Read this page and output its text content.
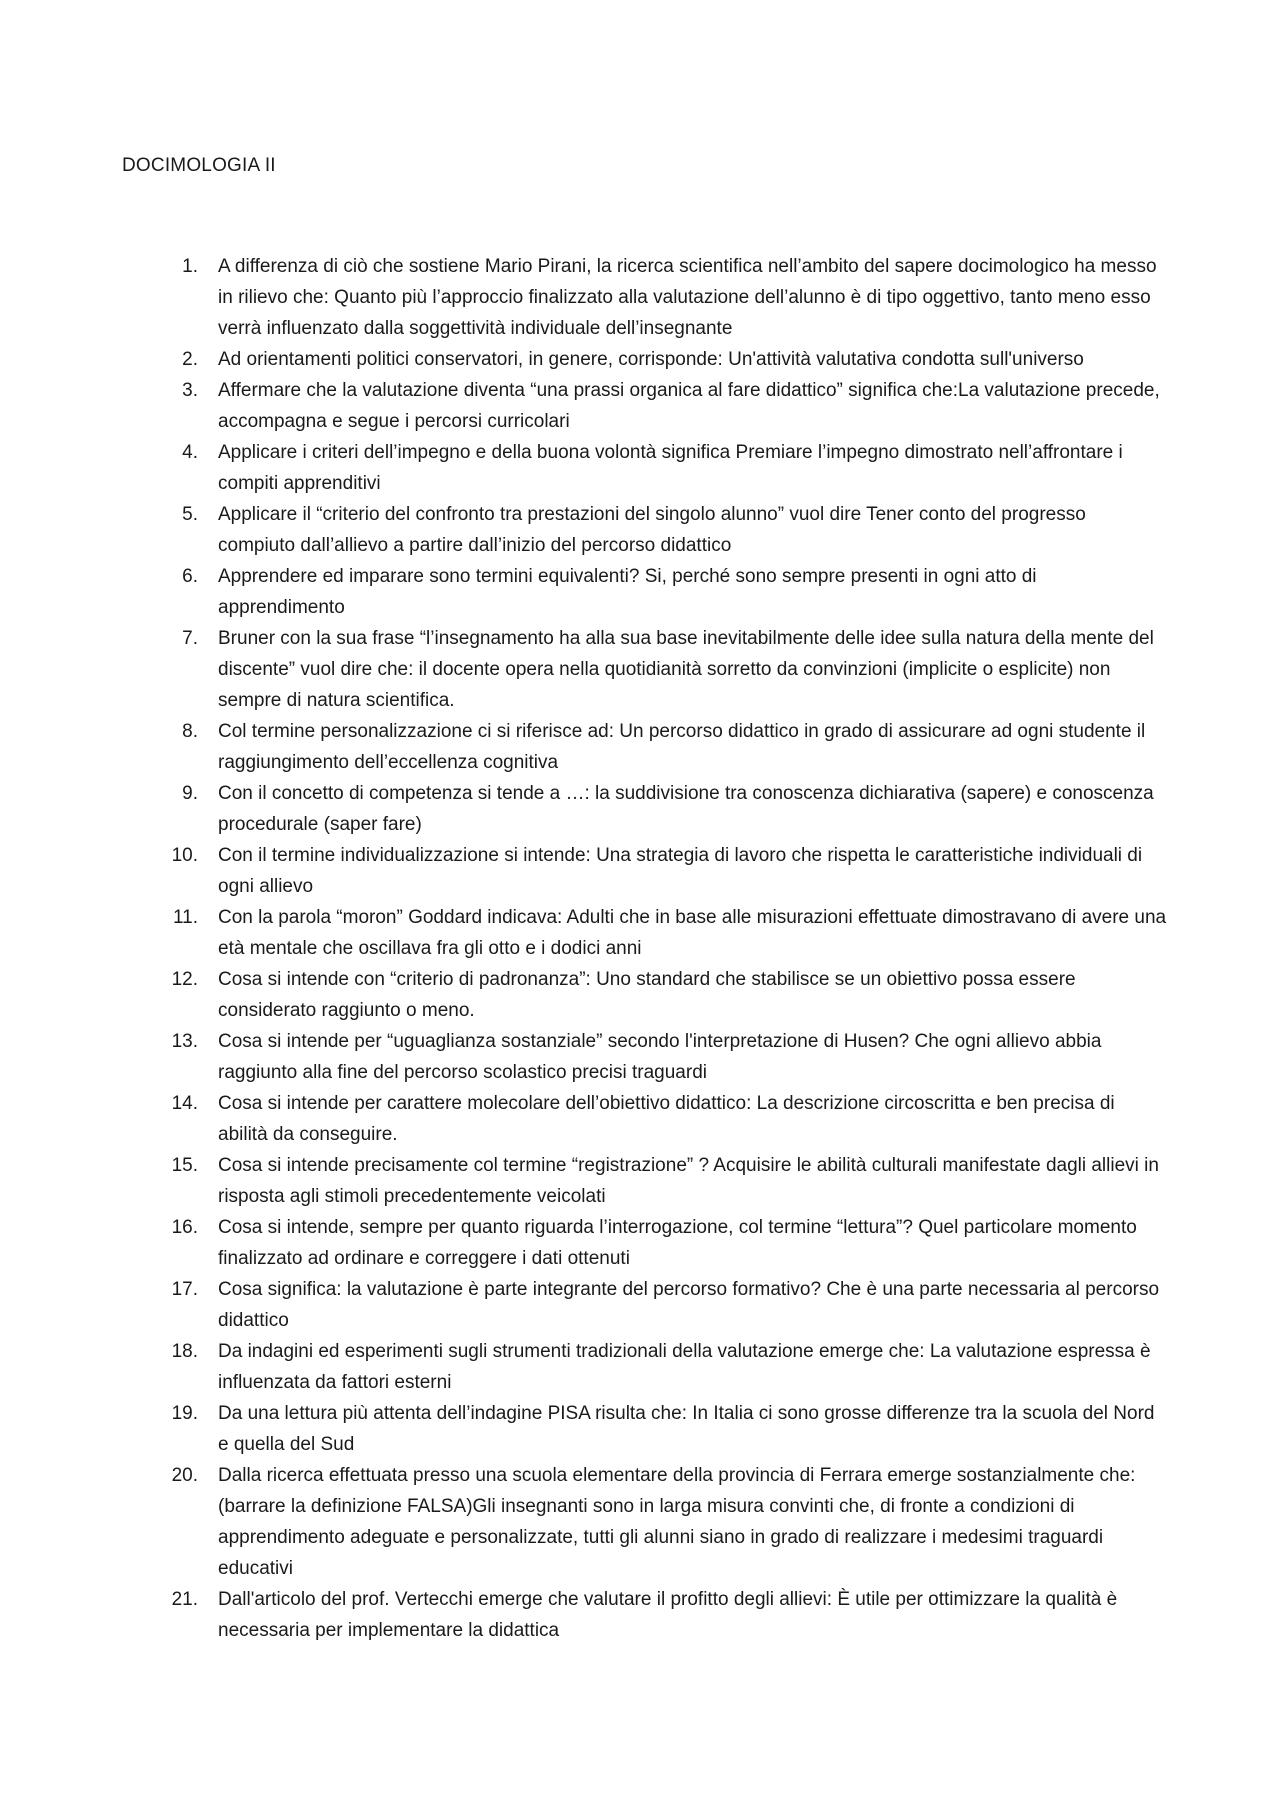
DOCIMOLOGIA II
1.	A differenza di ciò che sostiene Mario Pirani, la ricerca scientifica nell’ambito del sapere docimologico ha messo in rilievo che: Quanto più l’approccio finalizzato alla valutazione dell’alunno è di tipo oggettivo, tanto meno esso verrà influenzato dalla soggettività individuale dell’insegnante
2.	Ad orientamenti politici conservatori, in genere, corrisponde: Un'attività valutativa condotta sull'universo
3.	Affermare che la valutazione diventa “una prassi organica al fare didattico” significa che:La valutazione precede, accompagna e segue i percorsi curricolari
4.	Applicare i criteri dell’impegno e della buona volontà significa Premiare l’impegno dimostrato nell’affrontare i compiti apprenditivi
5.	Applicare il “criterio del confronto tra prestazioni del singolo alunno” vuol dire Tener conto del progresso compiuto dall’allievo a partire dall’inizio del percorso didattico
6.	Apprendere ed imparare sono termini equivalenti? Si, perché sono sempre presenti in ogni atto di apprendimento
7.	Bruner con la sua frase “l’insegnamento ha alla sua base inevitabilmente delle idee sulla natura della mente del discente” vuol dire che: il docente opera nella quotidianità sorretto da convinzioni (implicite o esplicite) non sempre di natura scientifica.
8.	Col termine personalizzazione ci si riferisce ad: Un percorso didattico in grado di assicurare ad ogni studente il raggiungimento dell’eccellenza cognitiva
9.	Con il concetto di competenza si tende a …: la suddivisione tra conoscenza dichiarativa (sapere) e conoscenza procedurale (saper fare)
10.	Con il termine individualizzazione si intende: Una strategia di lavoro che rispetta le caratteristiche individuali di ogni allievo
11.	Con la parola “moron” Goddard indicava: Adulti che in base alle misurazioni effettuate dimostravano di avere una età mentale che oscillava fra gli otto e i dodici anni
12.	Cosa si intende con “criterio di padronanza”: Uno standard che stabilisce se un obiettivo possa essere considerato raggiunto o meno.
13.	Cosa si intende per “uguaglianza sostanziale” secondo l'interpretazione di Husen? Che ogni allievo abbia raggiunto alla fine del percorso scolastico precisi traguardi
14.	Cosa si intende per carattere molecolare dell’obiettivo didattico: La descrizione circoscritta e ben precisa di abilità da conseguire.
15.	Cosa si intende precisamente col termine “registrazione” ? Acquisire le abilità culturali manifestate dagli allievi in risposta agli stimoli precedentemente veicolati
16.	Cosa si intende, sempre per quanto riguarda l’interrogazione, col termine “lettura”? Quel particolare momento finalizzato ad ordinare e correggere i dati ottenuti
17.	Cosa significa: la valutazione è parte integrante del percorso formativo? Che è una parte necessaria al percorso didattico
18.	Da indagini ed esperimenti sugli strumenti tradizionali della valutazione emerge che: La valutazione espressa è influenzata da fattori esterni
19.	Da una lettura più attenta dell’indagine PISA risulta che: In Italia ci sono grosse differenze tra la scuola del Nord e quella del Sud
20.	Dalla ricerca effettuata presso una scuola elementare della provincia di Ferrara emerge sostanzialmente che: (barrare la definizione FALSA)Gli insegnanti sono in larga misura convinti che, di fronte a condizioni di apprendimento adeguate e personalizzate, tutti gli alunni siano in grado di realizzare i medesimi traguardi educativi
21.	Dall'articolo del prof. Vertecchi emerge che valutare il profitto degli allievi: È utile per ottimizzare la qualità è necessaria per implementare la didattica
